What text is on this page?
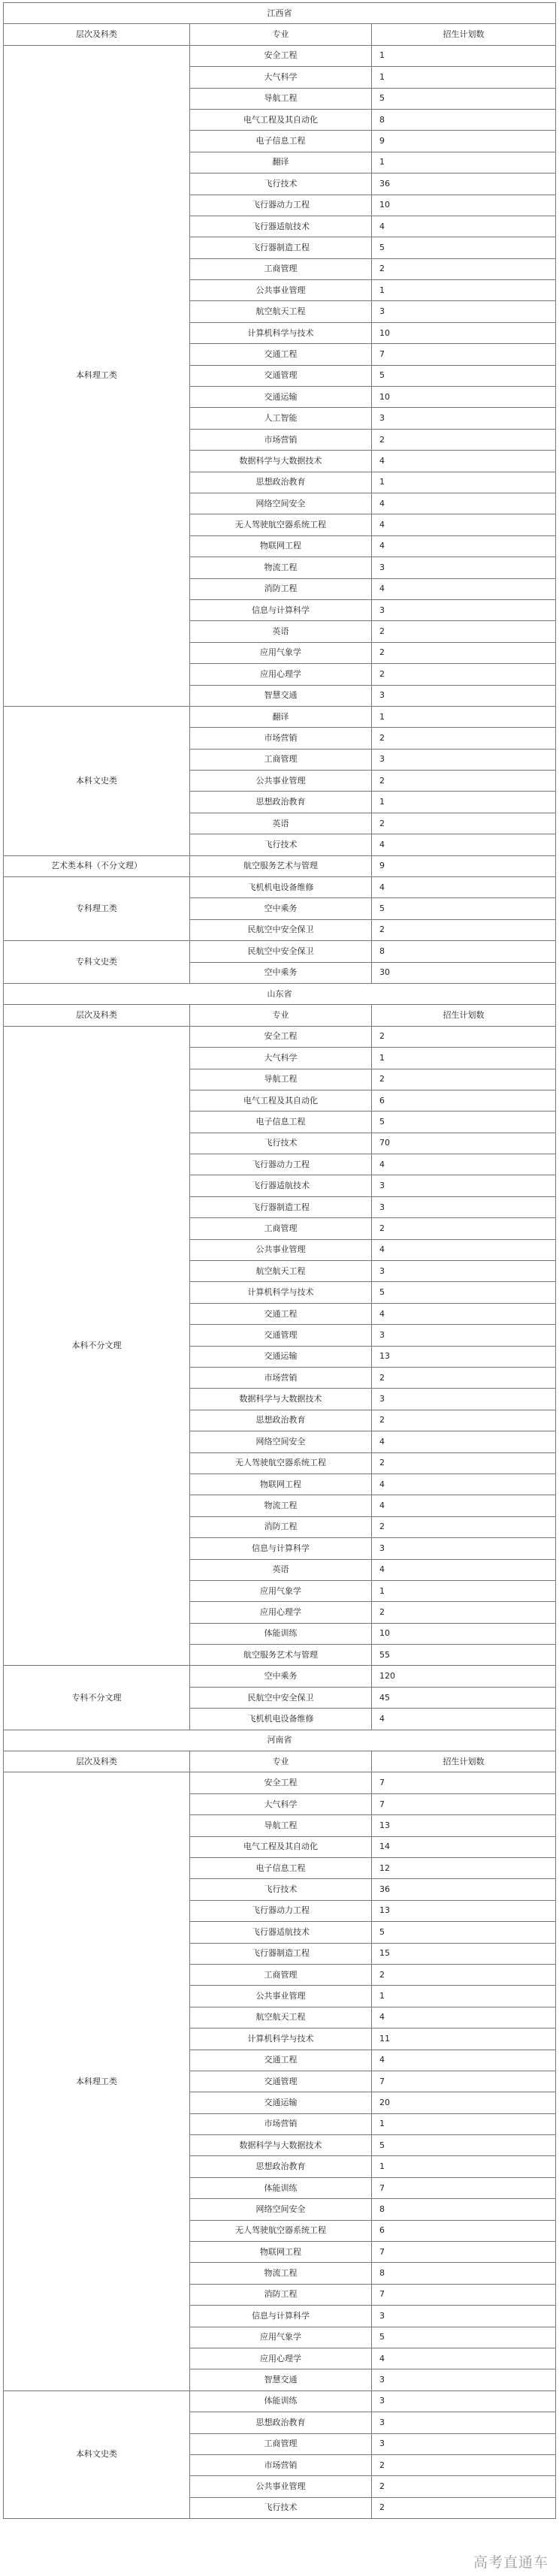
江西省		
层次及科类	专业	招生计划数
本科理工类	安全工程	1
	大气科学	1
	导航工程	5
	电气工程及其自动化	8
	电子信息工程	9
	翻译	1
	飞行技术	36
	飞行器动力工程	10
	飞行器适航技术	4
	飞行器制造工程	5
	工商管理	2
	公共事业管理	1
	航空航天工程	3
	计算机科学与技术	10
	交通工程	7
	交通管理	5
	交通运输	10
	人工智能	3
	市场营销	2
	数据科学与大数据技术	4
	思想政治教育	1
	网络空间安全	4
	无人驾驶航空器系统工程	4
	物联网工程	4
	物流工程	3
	消防工程	4
	信息与计算科学	3
	英语	2
	应用气象学	2
	应用心理学	2
	智慧交通	3
本科文史类	翻译	1
	市场营销	2
	工商管理	3
	公共事业管理	2
	思想政治教育	1
	英语	2
	飞行技术	4
艺术类本科（不分文理）	航空服务艺术与管理	9
专科理工类	飞机机电设备维修	4
	空中乘务	5
	民航空中安全保卫	2
专科文史类	民航空中安全保卫	8
	空中乘务	30
山东省		
层次及科类	专业	招生计划数
本科不分文理	安全工程	2
	大气科学	1
	导航工程	2
	电气工程及其自动化	6
	电子信息工程	5
	飞行技术	70
	飞行器动力工程	4
	飞行器适航技术	3
	飞行器制造工程	3
	工商管理	2
	公共事业管理	4
	航空航天工程	3
	计算机科学与技术	5
	交通工程	4
	交通管理	3
	交通运输	13
	市场营销	2
	数据科学与大数据技术	3
	思想政治教育	2
	网络空间安全	4
	无人驾驶航空器系统工程	2
	物联网工程	4
	物流工程	4
	消防工程	2
	信息与计算科学	3
	英语	4
	应用气象学	1
	应用心理学	2
	体能训练	10
	航空服务艺术与管理	55
专科不分文理	空中乘务	120
	民航空中安全保卫	45
	飞机机电设备维修	4
河南省		
层次及科类	专业	招生计划数
本科理工类	安全工程	7
	大气科学	7
	导航工程	13
	电气工程及其自动化	14
	电子信息工程	12
	飞行技术	36
	飞行器动力工程	13
	飞行器适航技术	5
	飞行器制造工程	15
	工商管理	2
	公共事业管理	1
	航空航天工程	4
	计算机科学与技术	11
	交通工程	4
	交通管理	7
	交通运输	20
	市场营销	1
	数据科学与大数据技术	5
	思想政治教育	1
	体能训练	7
	网络空间安全	8
	无人驾驶航空器系统工程	6
	物联网工程	7
	物流工程	8
	消防工程	7
	信息与计算科学	3
	应用气象学	5
	应用心理学	4
	智慧交通	3
本科文史类	体能训练	3
	思想政治教育	3
	工商管理	3
	市场营销	2
	公共事业管理	2
	飞行技术	2
高考直通车
